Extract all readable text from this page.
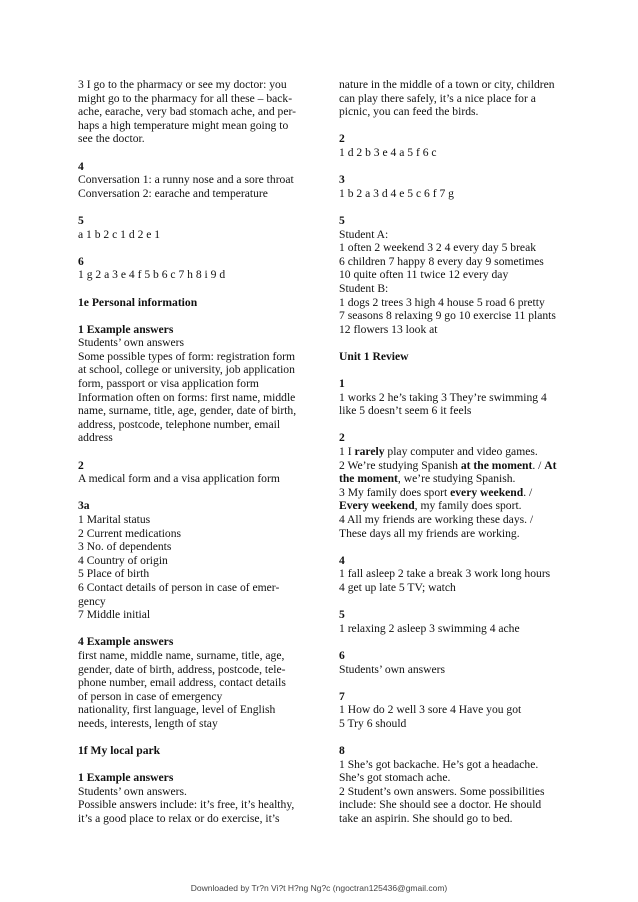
3 I go to the pharmacy or see my doctor: you
might go to the pharmacy for all these – back-
ache, earache, very bad stomach ache, and per-
haps a high temperature might mean going to
see the doctor.
4
Conversation 1: a runny nose and a sore throat
Conversation 2: earache and temperature
5
a 1 b 2 c 1 d 2 e 1
6
1 g 2 a 3 e 4 f 5 b 6 c 7 h 8 i 9 d
1e Personal information
1 Example answers
Students’ own answers
Some possible types of form: registration form
at school, college or university, job application
form, passport or visa application form
Information often on forms: first name, middle
name, surname, title, age, gender, date of birth,
address, postcode, telephone number, email
address
2
A medical form and a visa application form
3a
1 Marital status
2 Current medications
3 No. of dependents
4 Country of origin
5 Place of birth
6 Contact details of person in case of emer-
gency
7 Middle initial
4 Example answers
first name, middle name, surname, title, age,
gender, date of birth, address, postcode, tele-
phone number, email address, contact details
of person in case of emergency
nationality, first language, level of English
needs, interests, length of stay
1f My local park
1 Example answers
Students’ own answers.
Possible answers include: it’s free, it’s healthy,
it’s a good place to relax or do exercise, it’s
nature in the middle of a town or city, children
can play there safely, it’s a nice place for a
picnic, you can feed the birds.
2
1 d 2 b 3 e 4 a 5 f 6 c
3
1 b 2 a 3 d 4 e 5 c 6 f 7 g
5
Student A:
1 often 2 weekend 3 2 4 every day 5 break
6 children 7 happy 8 every day 9 sometimes
10 quite often 11 twice 12 every day
Student B:
1 dogs 2 trees 3 high 4 house 5 road 6 pretty
7 seasons 8 relaxing 9 go 10 exercise 11 plants
12 flowers 13 look at
Unit 1 Review
1
1 works 2 he’s taking 3 They’re swimming 4
like 5 doesn’t seem 6 it feels
2
1 I rarely play computer and video games.
2 We’re studying Spanish at the moment. / At
the moment, we’re studying Spanish.
3 My family does sport every weekend. /
Every weekend, my family does sport.
4 All my friends are working these days. /
These days all my friends are working.
4
1 fall asleep 2 take a break 3 work long hours
4 get up late 5 TV; watch
5
1 relaxing 2 asleep 3 swimming 4 ache
6
Students’ own answers
7
1 How do 2 well 3 sore 4 Have you got
5 Try 6 should
8
1 She’s got backache. He’s got a headache.
She’s got stomach ache.
2 Student’s own answers. Some possibilities
include: She should see a doctor. He should
take an aspirin. She should go to bed.
Downloaded by Tr?n Vi?t H?ng Ng?c (ngoctran125436@gmail.com)
